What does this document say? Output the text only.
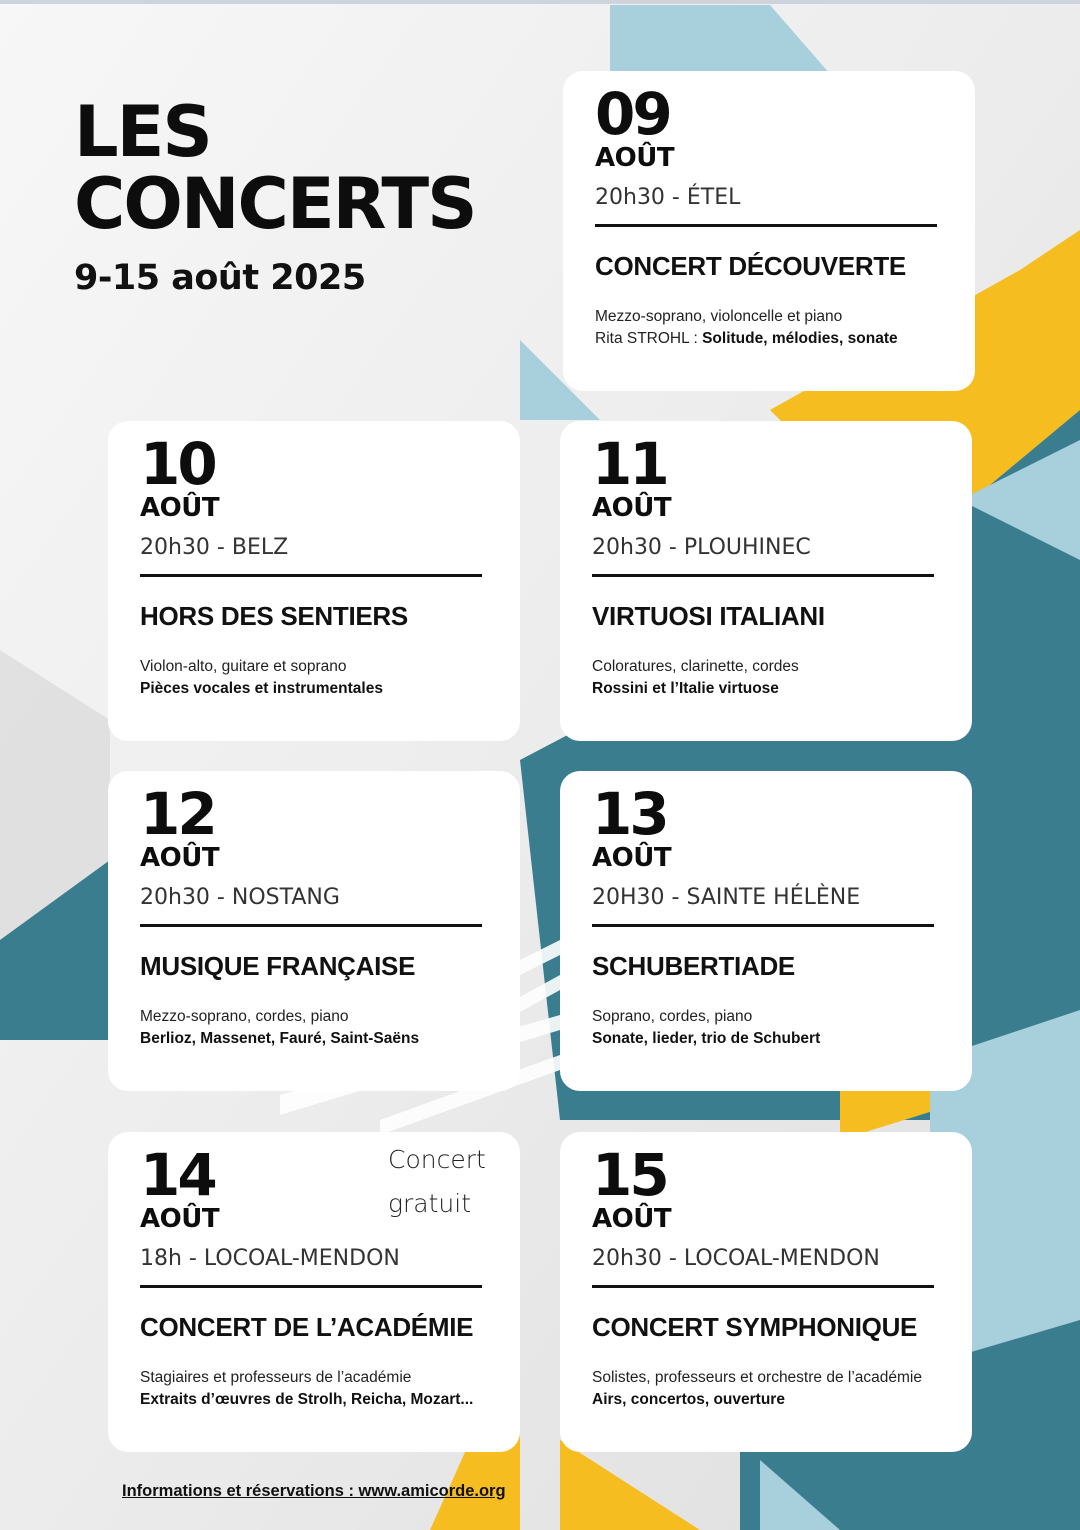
LES
CONCERTS
9-15 août 2025
09
AOÛT
20h30 - ÉTEL
CONCERT DÉCOUVERTE
Mezzo-soprano, violoncelle et piano
Rita STROHL : Solitude, mélodies, sonate
10
AOÛT
20h30 - BELZ
HORS DES SENTIERS
Violon-alto, guitare et soprano
Pièces vocales et instrumentales
11
AOÛT
20h30 - PLOUHINEC
VIRTUOSI ITALIANI
Coloratures, clarinette, cordes
Rossini et l’Italie virtuose
12
AOÛT
20h30 - NOSTANG
MUSIQUE FRANÇAISE
Mezzo-soprano, cordes, piano
Berlioz, Massenet, Fauré, Saint-Saëns
13
AOÛT
20H30 - SAINTE HÉLÈNE
SCHUBERTIADE
Soprano, cordes, piano
Sonate, lieder, trio de Schubert
14
AOÛT
18h - LOCOAL-MENDON
CONCERT DE L’ACADÉMIE
Stagiaires et professeurs de l’académie
Extraits d’œuvres de Strolh, Reicha, Mozart...
Concert
gratuit 15
AOÛT
20h30 - LOCOAL-MENDON
CONCERT SYMPHONIQUE
Solistes, professeurs et orchestre de l’académie
Airs, concertos, ouverture
Informations et réservations : www.amicorde.org
